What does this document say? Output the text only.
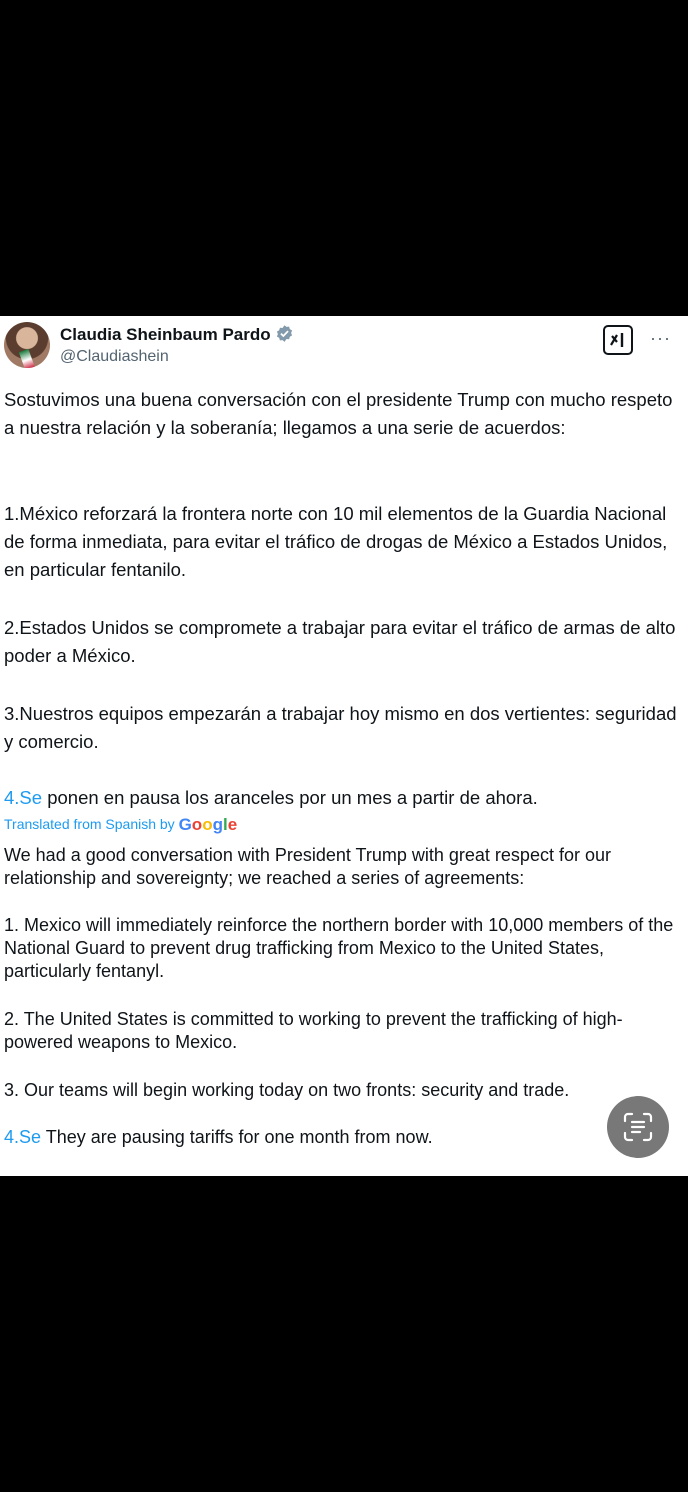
Claudia Sheinbaum Pardo
@Claudiashein
···

Sostuvimos una buena conversación con el presidente Trump con mucho respeto a nuestra relación y la soberanía; llegamos a una serie de acuerdos:

1.México reforzará la frontera norte con 10 mil elementos de la Guardia Nacional de forma inmediata, para evitar el tráfico de drogas de México a Estados Unidos, en particular fentanilo.

2.Estados Unidos se compromete a trabajar para evitar el tráfico de armas de alto poder a México.

3.Nuestros equipos empezarán a trabajar hoy mismo en dos vertientes: seguridad y comercio.

4.Se ponen en pausa los aranceles por un mes a partir de ahora.

Translated from Spanish by Google

We had a good conversation with President Trump with great respect for our relationship and sovereignty; we reached a series of agreements:

1. Mexico will immediately reinforce the northern border with 10,000 members of the National Guard to prevent drug trafficking from Mexico to the United States, particularly fentanyl.

2. The United States is committed to working to prevent the trafficking of high-powered weapons to Mexico.

3. Our teams will begin working today on two fronts: security and trade.

4.Se They are pausing tariffs for one month from now.
